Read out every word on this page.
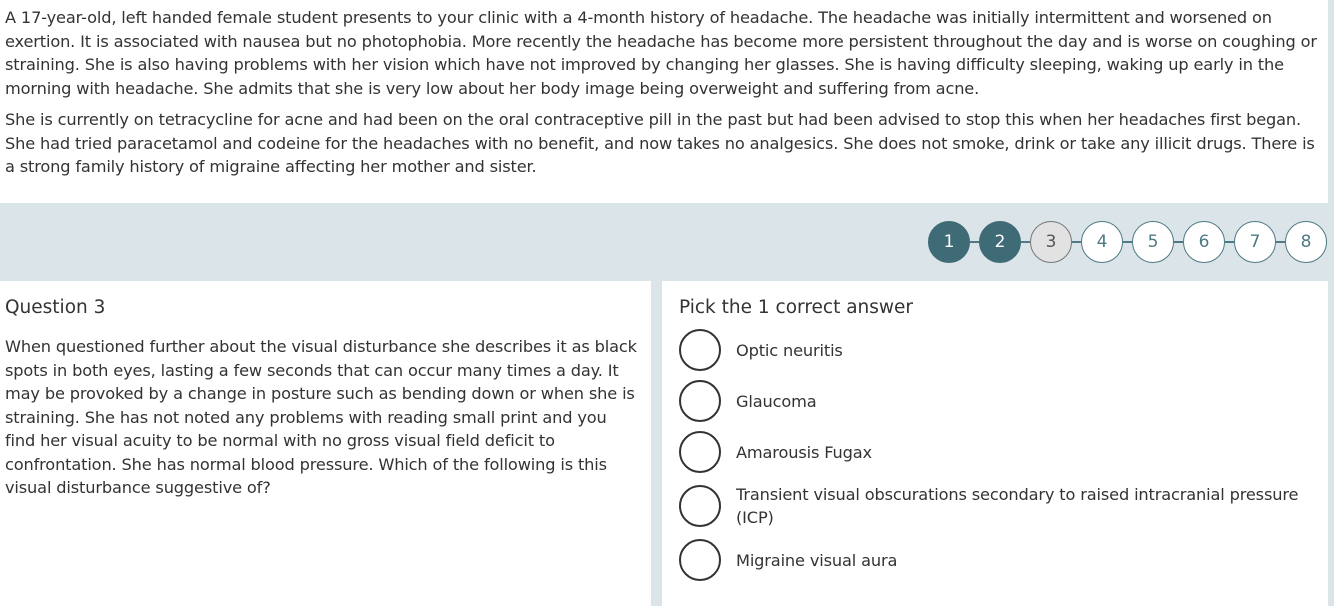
A 17-year-old, left handed female student presents to your clinic with a 4-month history of headache. The headache was initially intermittent and worsened on exertion. It is associated with nausea but no photophobia. More recently the headache has become more persistent throughout the day and is worse on coughing or straining. She is also having problems with her vision which have not improved by changing her glasses. She is having difficulty sleeping, waking up early in the morning with headache. She admits that she is very low about her body image being overweight and suffering from acne.

She is currently on tetracycline for acne and had been on the oral contraceptive pill in the past but had been advised to stop this when her headaches first began. She had tried paracetamol and codeine for the headaches with no benefit, and now takes no analgesics. She does not smoke, drink or take any illicit drugs. There is a strong family history of migraine affecting her mother and sister.

1	2	3	4	5	6	7	8
Question 3

When questioned further about the visual disturbance she describes it as black spots in both eyes, lasting a few seconds that can occur many times a day. It may be provoked by a change in posture such as bending down or when she is straining. She has not noted any problems with reading small print and you find her visual acuity to be normal with no gross visual field deficit to confrontation. She has normal blood pressure. Which of the following is this visual disturbance suggestive of?

Pick the 1 correct answer
Optic neuritis
Glaucoma
Amarousis Fugax
Transient visual obscurations secondary to raised intracranial pressure (ICP)
Migraine visual aura
